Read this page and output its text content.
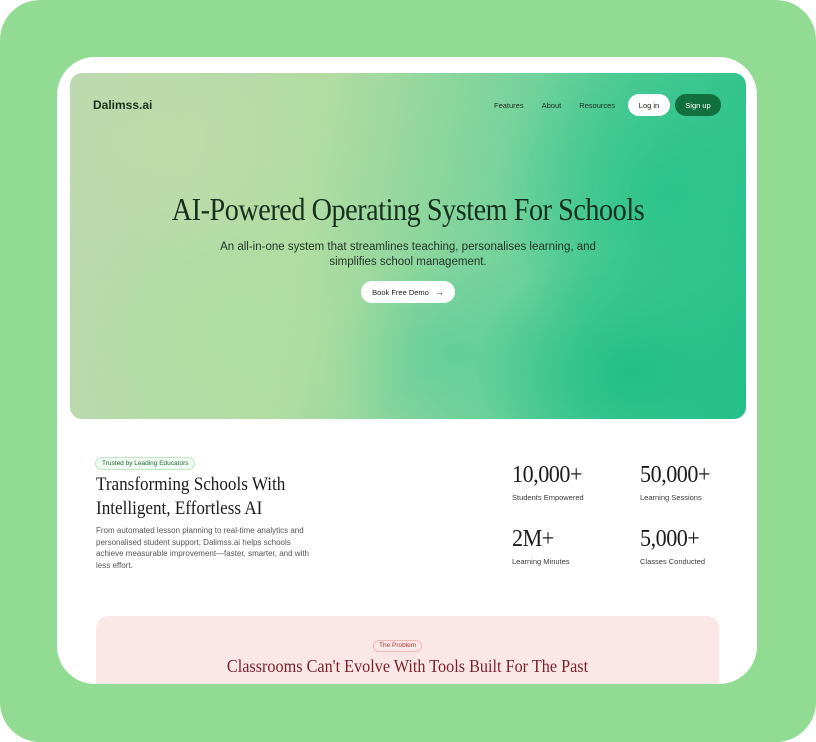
Dalimss.ai	Features About Resources	Log in	Sign up
AI-Powered Operating System For Schools
An all-in-one system that streamlines teaching, personalises learning, and simplifies school management.
Book Free Demo →
Trusted by Leading Educators
Transforming Schools With Intelligent, Effortless AI
From automated lesson planning to real-time analytics and personalised student support, Dalimss.ai helps schools achieve measurable improvement—faster, smarter, and with less effort.
10,000+
Students Empowered
50,000+
Learning Sessions
2M+
Learning Minutes
5,000+
Classes Conducted
The Problem
Classrooms Can't Evolve With Tools Built For The Past
